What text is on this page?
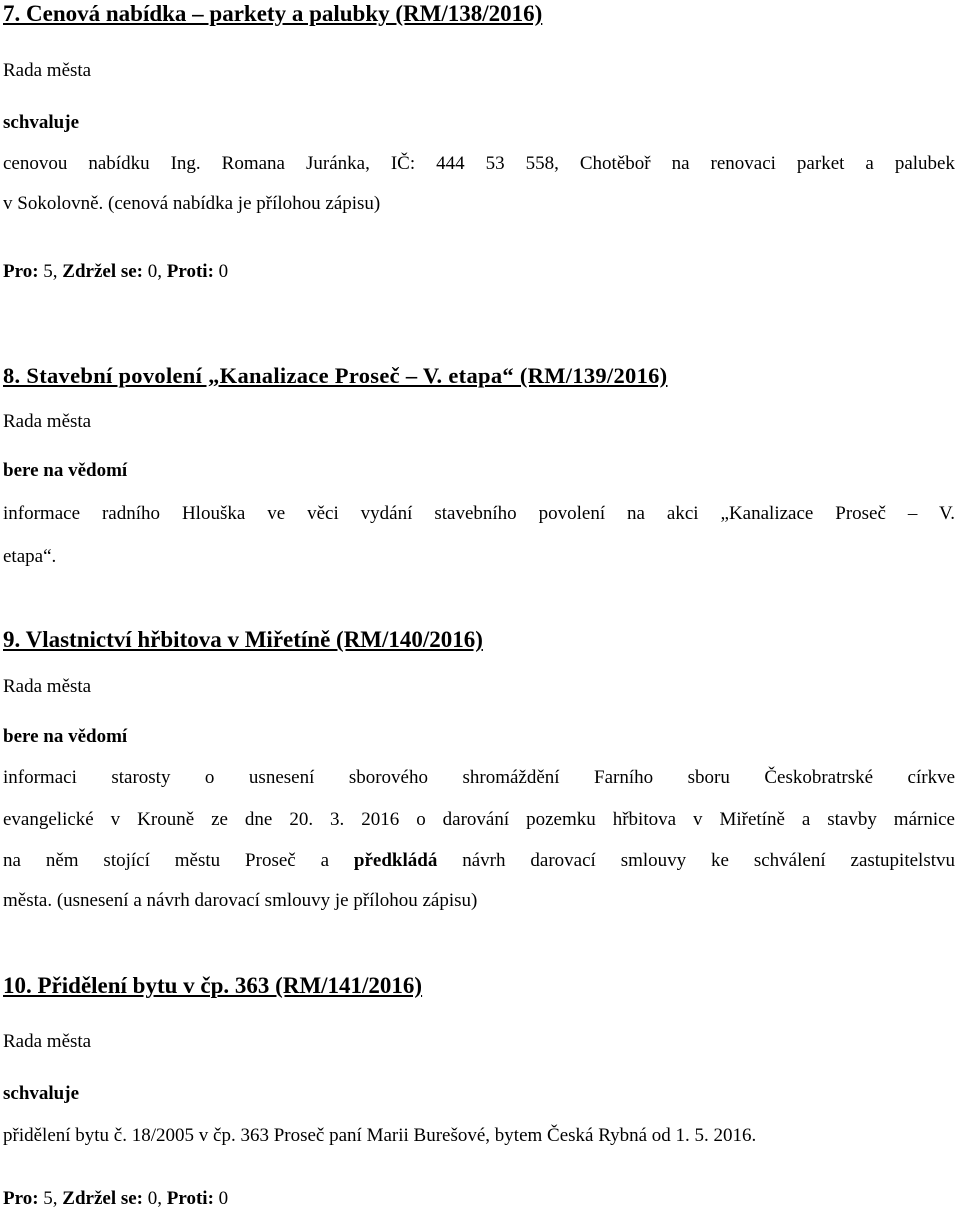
7. Cenová nabídka – parkety a palubky (RM/138/2016)

Rada města

schvaluje

cenovou nabídku Ing. Romana Juránka, IČ: 444 53 558, Chotěboř na renovaci parket a palubek

v Sokolovně. (cenová nabídka je přílohou zápisu)

Pro: 5, Zdržel se: 0, Proti: 0

8. Stavební povolení „Kanalizace Proseč – V. etapa“ (RM/139/2016)

Rada města

bere na vědomí

informace radního Hlouška ve věci vydání stavebního povolení na akci „Kanalizace Proseč – V.

etapa“.

9. Vlastnictví hřbitova v Miřetíně (RM/140/2016)

Rada města

bere na vědomí

informaci starosty o usnesení sborového shromáždění Farního sboru Českobratrské církve

evangelické v Krouně ze dne 20. 3. 2016 o darování pozemku hřbitova v Miřetíně a stavby márnice

na něm stojící městu Proseč a předkládá návrh darovací smlouvy ke schválení zastupitelstvu

města. (usnesení a návrh darovací smlouvy je přílohou zápisu)

10. Přidělení bytu v čp. 363 (RM/141/2016)

Rada města

schvaluje

přidělení bytu č. 18/2005 v čp. 363 Proseč paní Marii Burešové, bytem Česká Rybná od 1. 5. 2016.

Pro: 5, Zdržel se: 0, Proti: 0
